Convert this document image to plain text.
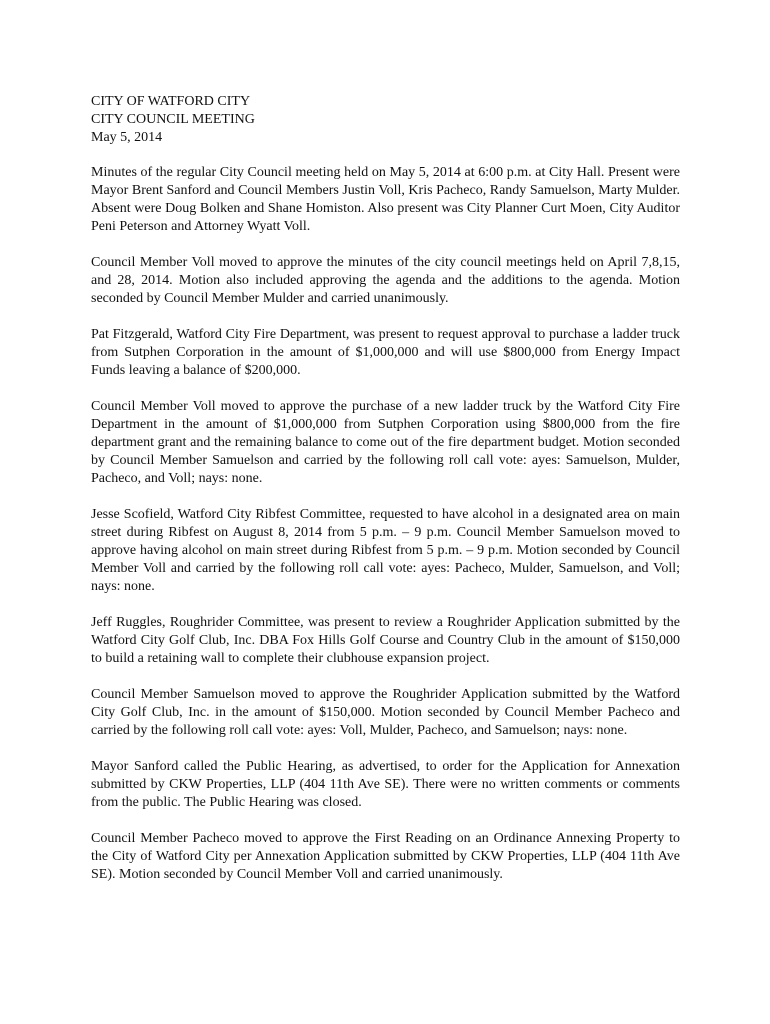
CITY OF WATFORD CITY
CITY COUNCIL MEETING
May 5, 2014

Minutes of the regular City Council meeting held on May 5, 2014 at 6:00 p.m. at City Hall. Present were Mayor Brent Sanford and Council Members Justin Voll, Kris Pacheco, Randy Samuelson, Marty Mulder. Absent were Doug Bolken and Shane Homiston. Also present was City Planner Curt Moen, City Auditor Peni Peterson and Attorney Wyatt Voll.

Council Member Voll moved to approve the minutes of the city council meetings held on April 7,8,15, and 28, 2014. Motion also included approving the agenda and the additions to the agenda. Motion seconded by Council Member Mulder and carried unanimously.

Pat Fitzgerald, Watford City Fire Department, was present to request approval to purchase a ladder truck from Sutphen Corporation in the amount of $1,000,000 and will use $800,000 from Energy Impact Funds leaving a balance of $200,000.

Council Member Voll moved to approve the purchase of a new ladder truck by the Watford City Fire Department in the amount of $1,000,000 from Sutphen Corporation using $800,000 from the fire department grant and the remaining balance to come out of the fire department budget. Motion seconded by Council Member Samuelson and carried by the following roll call vote: ayes: Samuelson, Mulder, Pacheco, and Voll; nays: none.

Jesse Scofield, Watford City Ribfest Committee, requested to have alcohol in a designated area on main street during Ribfest on August 8, 2014 from 5 p.m. – 9 p.m. Council Member Samuelson moved to approve having alcohol on main street during Ribfest from 5 p.m. – 9 p.m. Motion seconded by Council Member Voll and carried by the following roll call vote: ayes: Pacheco, Mulder, Samuelson, and Voll; nays: none.

Jeff Ruggles, Roughrider Committee, was present to review a Roughrider Application submitted by the Watford City Golf Club, Inc. DBA Fox Hills Golf Course and Country Club in the amount of $150,000 to build a retaining wall to complete their clubhouse expansion project.

Council Member Samuelson moved to approve the Roughrider Application submitted by the Watford City Golf Club, Inc. in the amount of $150,000. Motion seconded by Council Member Pacheco and carried by the following roll call vote: ayes: Voll, Mulder, Pacheco, and Samuelson; nays: none.

Mayor Sanford called the Public Hearing, as advertised, to order for the Application for Annexation submitted by CKW Properties, LLP (404 11th Ave SE). There were no written comments or comments from the public. The Public Hearing was closed.

Council Member Pacheco moved to approve the First Reading on an Ordinance Annexing Property to the City of Watford City per Annexation Application submitted by CKW Properties, LLP (404 11th Ave SE). Motion seconded by Council Member Voll and carried unanimously.
